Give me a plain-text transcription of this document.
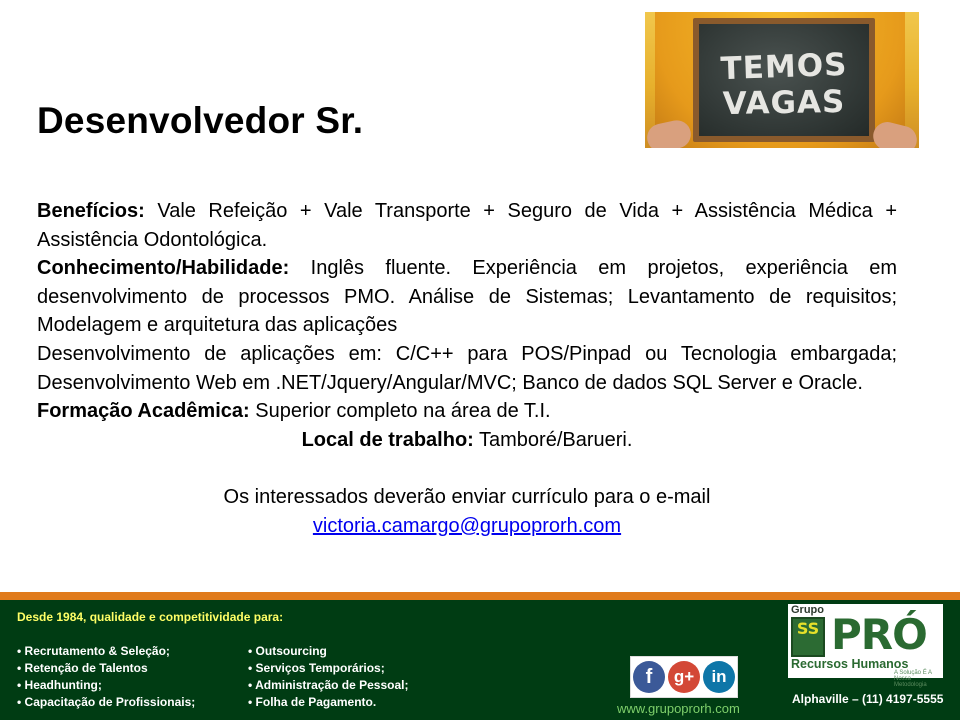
TEMOS
VAGAS
Desenvolvedor Sr.

Benefícios: Vale Refeição + Vale Transporte + Seguro de Vida + Assistência Médica + Assistência Odontológica.

Conhecimento/Habilidade: Inglês fluente. Experiência em projetos, experiência em desenvolvimento de processos PMO. Análise de Sistemas; Levantamento de requisitos; Modelagem e arquitetura das aplicações

Desenvolvimento de aplicações em: C/C++ para POS/Pinpad ou Tecnologia embargada; Desenvolvimento Web em .NET/Jquery/Angular/MVC; Banco de dados SQL Server e Oracle.

Formação Acadêmica: Superior completo na área de T.I.

Local de trabalho: Tamboré/Barueri.

Os interessados deverão enviar currículo para o e-mail

victoria.camargo@grupoprorh.com

Desde 1984, qualidade e competitividade para:
• Recrutamento & Seleção;
• Retenção de Talentos
• Headhunting;
• Capacitação de Profissionais;
• Outsourcing
• Serviços Temporários;
• Administração de Pessoal;
• Folha de Pagamento.
f	g+	in
www.grupoprorh.com
Grupo
SS PRÓ
Recursos Humanos
A Solução É A Nossa Metodologia
Alphaville – (11) 4197-5555
